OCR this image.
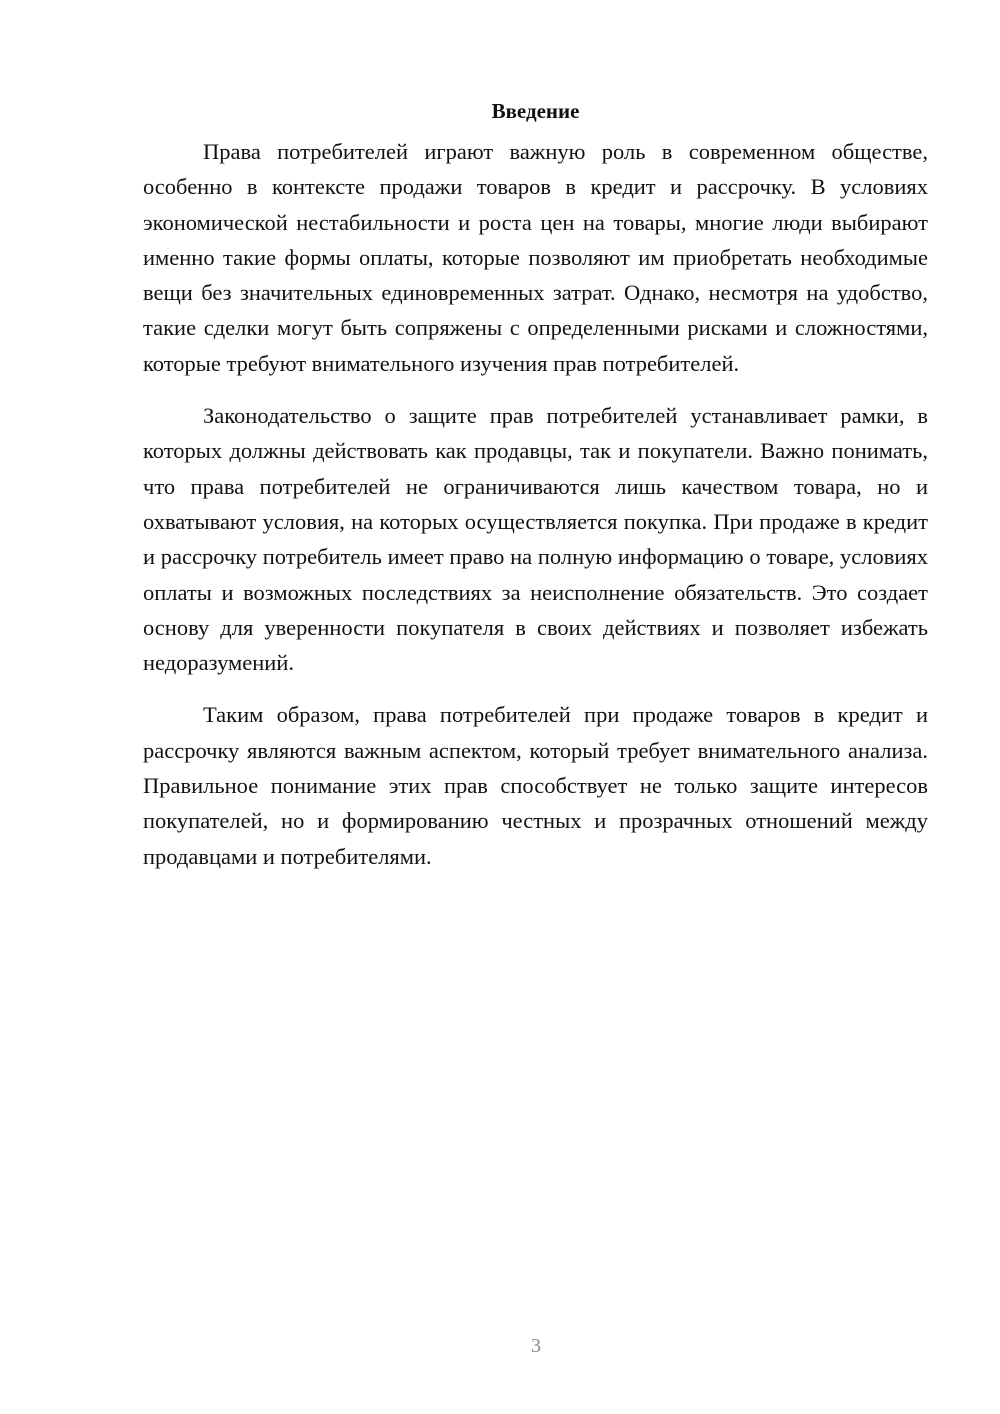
Введение

Права потребителей играют важную роль в современном обществе, особенно в контексте продажи товаров в кредит и рассрочку. В условиях экономической нестабильности и роста цен на товары, многие люди выбирают именно такие формы оплаты, которые позволяют им приобретать необходимые вещи без значительных единовременных затрат. Однако, несмотря на удобство, такие сделки могут быть сопряжены с определенными рисками и сложностями, которые требуют внимательного изучения прав потребителей.

Законодательство о защите прав потребителей устанавливает рамки, в которых должны действовать как продавцы, так и покупатели. Важно понимать, что права потребителей не ограничиваются лишь качеством товара, но и охватывают условия, на которых осуществляется покупка. При продаже в кредит и рассрочку потребитель имеет право на полную информацию о товаре, условиях оплаты и возможных последствиях за неисполнение обязательств. Это создает основу для уверенности покупателя в своих действиях и позволяет избежать недоразумений.

Таким образом, права потребителей при продаже товаров в кредит и рассрочку являются важным аспектом, который требует внимательного анализа. Правильное понимание этих прав способствует не только защите интересов покупателей, но и формированию честных и прозрачных отношений между продавцами и потребителями.

3
